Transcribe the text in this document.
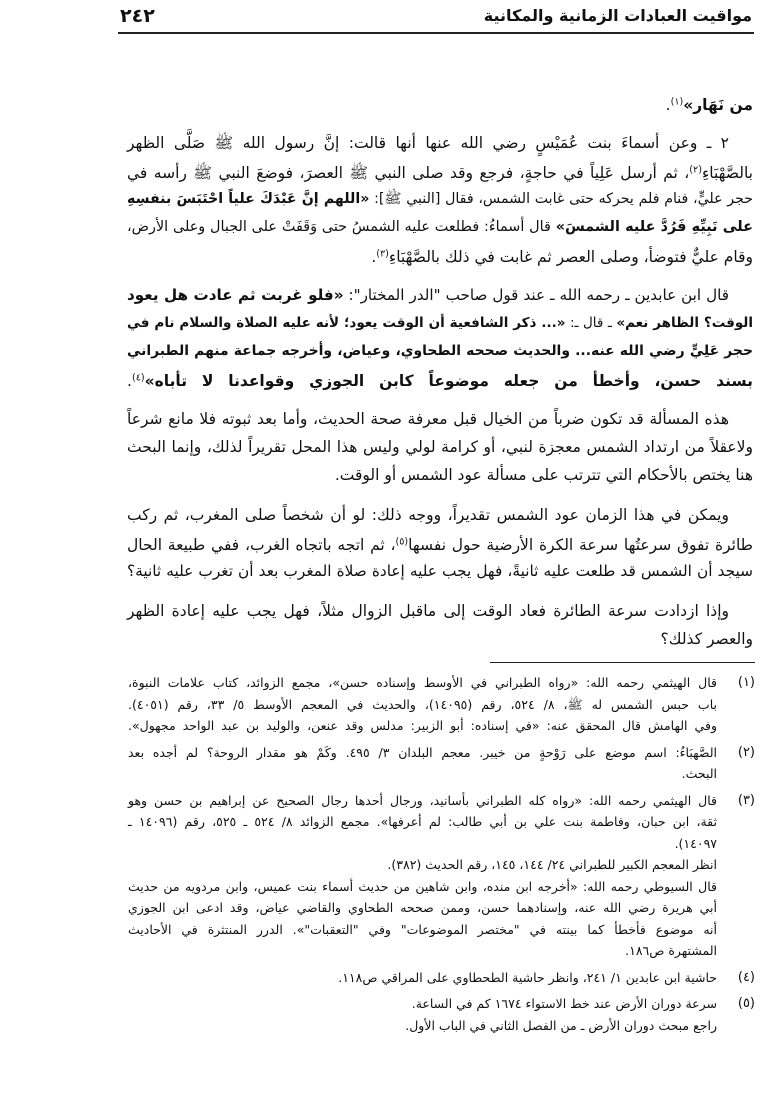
٢٤٢	مواقيت العبادات الزمانية والمكانية
من نَهَار»$^{(١)}$.
٢ ـ وعن أسماءَ بنت عُمَيْسٍ رضي الله عنها أنها قالت: إنَّ رسول الله ﷺ صَلَّى الظهر
بالصَّهْبَاءِ$^{(٢)}$، ثم أرسل عَلِياً في حاجةٍ، فرجع وقد صلى النبي ﷺ العصرَ، فوضعَ النبي ﷺ رأسه في
حجر عليٍّ، فنام فلم يحركه حتى غابت الشمس، فقال [النبي ﷺ]: «اللهم إنَّ عَبْدَكَ علياً احْتَبَسَ بنفسِهِ
على نَبِيِّهِ فَرُدَّ عليه الشمسَ» قال أسماءُ: فطلعت عليه الشمسُ حتى وَقَفَتْ على الجبال وعلى الأرض،
وقام عليٌّ فتوضأ، وصلى العصر ثم غابت في ذلك بالصَّهْبَاءِ$^{(٣)}$.
قال ابن عابدين ـ رحمه الله ـ عند قول صاحب "الدر المختار": «فلو غربت ثم عادت هل يعود
الوقت؟ الظاهر نعم» ـ قال ـ: «... ذكر الشافعية أن الوقت يعود؛ لأنه عليه الصلاة والسلام نام في
حجر عَلِيٍّ رضي الله عنه... والحديث صححه الطحاوي، وعياض، وأخرجه جماعة منهم الطبراني
بسند حسن، وأخطأ من جعله موضوعاً كابن الجوزي وقواعدنا لا تأباه»$^{(٤)}$.
هذه المسألة قد تكون ضرباً من الخيال قبل معرفة صحة الحديث، وأما بعد ثبوته فلا مانع شرعاً
ولاعقلاً من ارتداد الشمس معجزة لنبي، أو كرامة لولي وليس هذا المحل تقريراً لذلك، وإنما البحث
هنا يختص بالأحكام التي تترتب على مسألة عود الشمس أو الوقت.
ويمكن في هذا الزمان عود الشمس تقديراً، ووجه ذلك: لو أن شخصاً صلى المغرب، ثم ركب
طائرة تفوق سرعتُها سرعة الكرة الأرضية حول نفسها$^{(٥)}$، ثم اتجه باتجاه الغرب، ففي طبيعة الحال
سيجد أن الشمس قد طلعت عليه ثانيةً، فهل يجب عليه إعادة صلاة المغرب بعد أن تغرب عليه ثانية؟
وإذا ازدادت سرعة الطائرة فعاد الوقت إلى ماقبل الزوال مثلاً، فهل يجب عليه إعادة الظهر
والعصر كذلك؟
(١)
قال الهيثمي رحمه الله: «رواه الطبراني في الأوسط وإسناده حسن»، مجمع الزوائد، كتاب علامات النبوة،
باب حبس الشمس له ﷺ، ٨/ ٥٢٤، رقم (١٤٠٩٥)، والحديث في المعجم الأوسط ٥/ ٣٣، رقم (٤٠٥١).
وفي الهامش قال المحقق عنه: «في إسناده: أبو الزبير: مدلس وقد عنعن، والوليد بن عبد الواحد مجهول».
(٢)
الصَّهبَاءُ: اسم موضع على رَوْحةٍ من خيبر. معجم البلدان ٣/ ٤٩٥. وكَمْ هو مقدار الروحة؟ لم أجده بعد
البحث.
(٣)
قال الهيثمي رحمه الله: «رواه كله الطبراني بأسانيد، ورجال أحدها رجال الصحيح عن إبراهيم بن حسن وهو
ثقة، ابن حبان، وفاطمة بنت علي بن أبي طالب: لم أعرفها». مجمع الزوائد ٨/ ٥٢٤ ـ ٥٢٥، رقم (١٤٠٩٦ ـ
١٤٠٩٧).
انظر المعجم الكبير للطبراني ٢٤/ ١٤٤، ١٤٥، رقم الحديث (٣٨٢).
قال السيوطي رحمه الله: «أخرجه ابن منده، وابن شاهين من حديث أسماء بنت عميس، وابن مردويه من حديث
أبي هريرة رضي الله عنه، وإسنادهما حسن، وممن صححه الطحاوي والقاضي عياض، وقد ادعى ابن الجوزي
أنه موضوع فأخطأ كما بينته في "مختصر الموضوعات" وفي "التعقبات"». الدرر المنتثرة في الأحاديث
المشتهرة ص١٨٦.
(٤)
حاشية ابن عابدين ١/ ٢٤١، وانظر حاشية الطحطاوي على المراقي ص١١٨.
(٥)
سرعة دوران الأرض عند خط الاستواء ١٦٧٤ كم في الساعة.
راجع مبحث دوران الأرض ـ من الفصل الثاني في الباب الأول.
